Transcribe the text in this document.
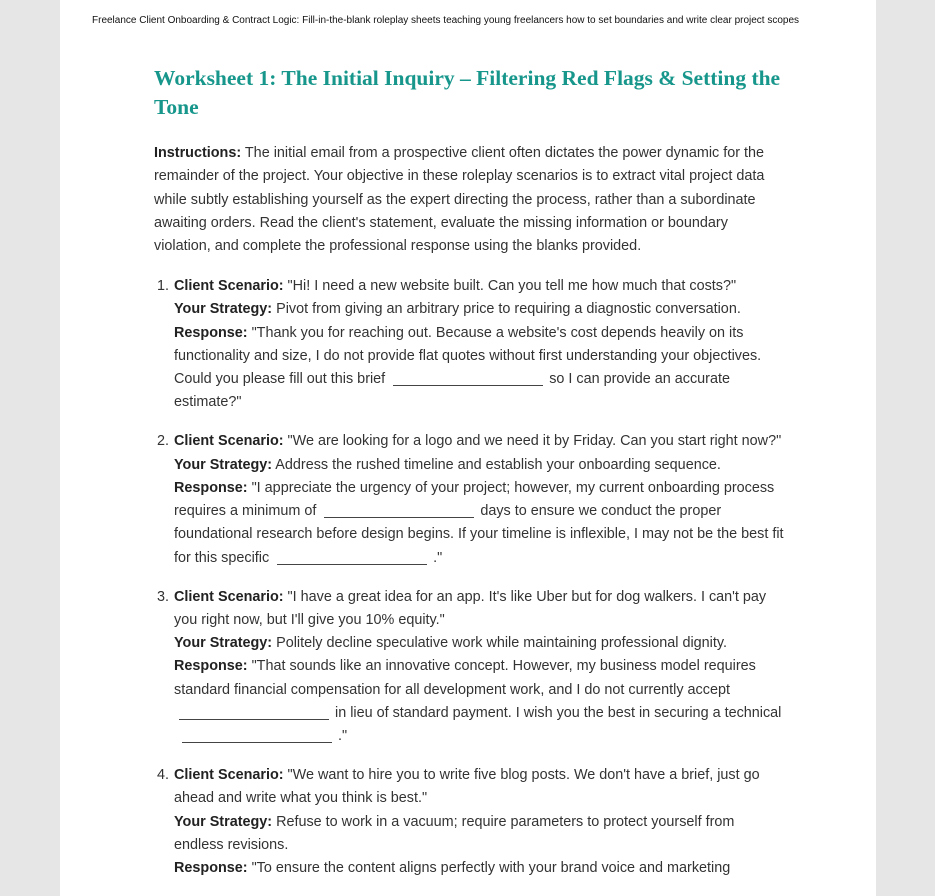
Freelance Client Onboarding & Contract Logic: Fill-in-the-blank roleplay sheets teaching young freelancers how to set boundaries and write clear project scopes
Worksheet 1: The Initial Inquiry – Filtering Red Flags & Setting the Tone

Instructions: The initial email from a prospective client often dictates the power dynamic for the remainder of the project. Your objective in these roleplay scenarios is to extract vital project data while subtly establishing yourself as the expert directing the process, rather than a subordinate awaiting orders. Read the client's statement, evaluate the missing information or boundary violation, and complete the professional response using the blanks provided.

1. Client Scenario: "Hi! I need a new website built. Can you tell me how much that costs?"
Your Strategy: Pivot from giving an arbitrary price to requiring a diagnostic conversation.
Response: "Thank you for reaching out. Because a website's cost depends heavily on its functionality and size, I do not provide flat quotes without first understanding your objectives. Could you please fill out this brief	so I can provide an accurate estimate?"
2. Client Scenario: "We are looking for a logo and we need it by Friday. Can you start right now?"
Your Strategy: Address the rushed timeline and establish your onboarding sequence.
Response: "I appreciate the urgency of your project; however, my current onboarding process requires a minimum of	days to ensure we conduct the proper foundational research before design begins. If your timeline is inflexible, I may not be the best fit for this specific	."
3. Client Scenario: "I have a great idea for an app. It's like Uber but for dog walkers. I can't pay you right now, but I'll give you 10% equity."
Your Strategy: Politely decline speculative work while maintaining professional dignity.
Response: "That sounds like an innovative concept. However, my business model requires standard financial compensation for all development work, and I do not currently accept in lieu of standard payment. I wish you the best in securing a technical."
4. Client Scenario: "We want to hire you to write five blog posts. We don't have a brief, just go ahead and write what you think is best."
Your Strategy: Refuse to work in a vacuum; require parameters to protect yourself from endless revisions.
Response: "To ensure the content aligns perfectly with your brand voice and marketing
